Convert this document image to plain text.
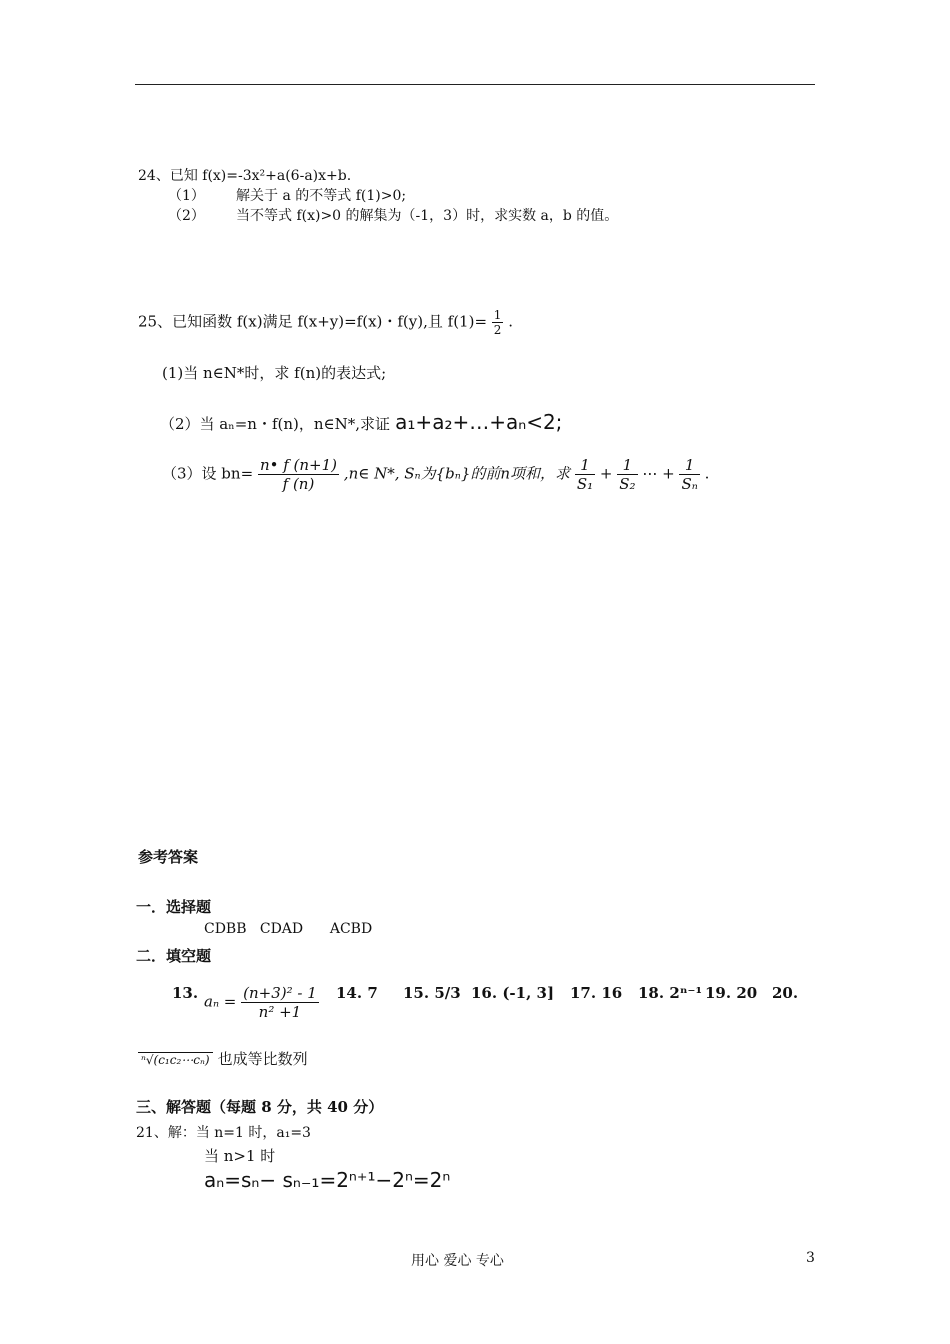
24、已知 f(x)=-3x²+a(6-a)x+b.
（1） 解关于 a 的不等式 f(1)>0;
（2） 当不等式 f(x)>0 的解集为（-1，3）时，求实数 a，b 的值。
25、已知函数 f(x)满足 f(x+y)=f(x)・f(y),且 $f(1)= \frac{1}{2}$ .
(1)当 n∈N*时，求 f(n)的表达式;
（2）当 aₙ=n・f(n)，n∈N*,求证 a₁+a₂+…+aₙ<2;
（3）设 $bn= \frac{n• f (n+1)}{f (n)}$ ,n∈ N*, Sₙ为{bₙ}的前n项和，求 $\frac{1}{\text{S₁}} + \frac{1}{\text{S₂}}$ ⋯ + $\frac{1}{\text{Sₙ}}$ .
参考答案
一．选择题
CDBB   CDAD      ACBD
二．填空题
13. $a_n = \frac{\text{(n+3)² - 1}}{\text{n² +1}} 14$. 7 15. 5/3 16. (-1, 3] 17. 16 18. 2ⁿ⁻¹ 19. 20 20.
ⁿ√(c₁c₂⋯cₙ) 也成等比数列
三、解答题（每题 8 分，共 40 分）
21、解：当 n=1 时，a₁=3
当 n>1 时
aₙ=sₙ− sₙ₋₁=2ⁿ⁺¹−2ⁿ=2ⁿ
用心 爱心 专心	3
